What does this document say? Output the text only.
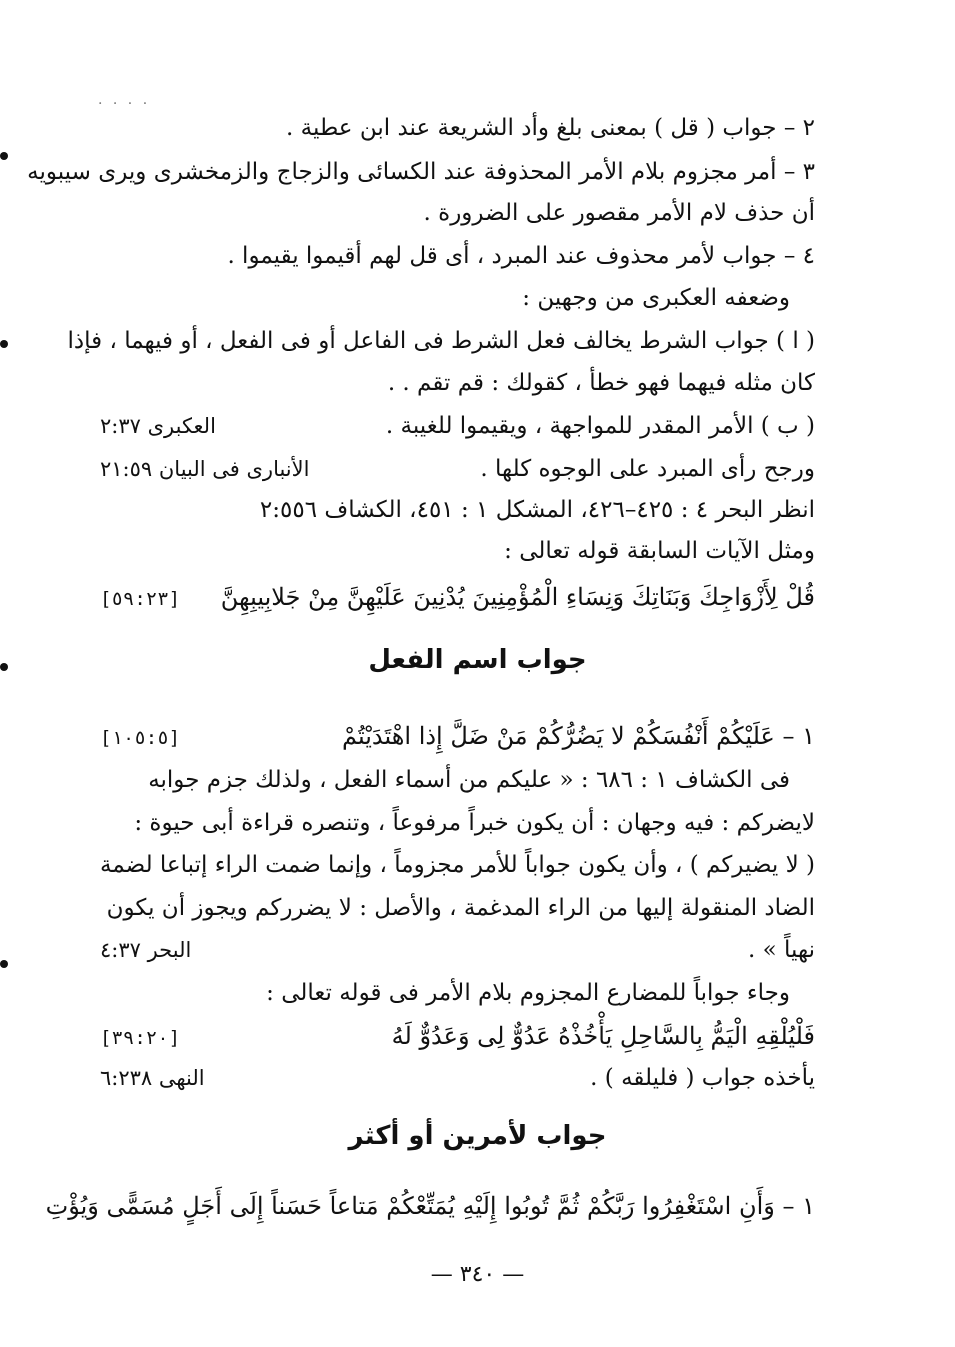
· · · ·
٢ – جواب ( قل ) بمعنى بلغ وأد الشريعة عند ابن عطية .
٣ – أمر مجزوم بلام الأمر المحذوفة عند الكسائى والزجاج والزمخشرى ويرى سيبويه
أن حذف لام الأمر مقصور على الضرورة .
٤ – جواب لأمر محذوف عند المبرد ، أى قل لهم أقيموا يقيموا .
وضعفه العكبرى من وجهين :
( ا ) جواب الشرط يخالف فعل الشرط فى الفاعل أو فى الفعل ، أو فيهما ، فإذا
كان مثله فيهما فهو خطأ ، كقولك : قم تقم . .
( ب ) الأمر المقدر للمواجهة ، ويقيموا للغيبة .
العكبرى ٢:٣٧
ورجح رأى المبرد على الوجوه كلها .
الأنبارى فى البيان ٢١:٥٩
انظر البحر ٤ : ٤٢٥–٤٢٦، المشكل ١ : ٤٥١، الكشاف ٢:٥٥٦
ومثل الآيات السابقة قوله تعالى :
قُلْ لِأَزْوَاجِكَ وَبَنَاتِكَ وَنِسَاءِ الْمُؤْمِنِينَ يُدْنِينَ عَلَيْهِنَّ مِنْ جَلابِيبِهِنَّ
[٥٩:٢٣]
جواب اسم الفعل
١ – عَلَيْكُمْ أَنْفُسَكُمْ لا يَضُرُّكُمْ مَنْ ضَلَّ إِذا اهْتَدَيْتُمْ
[١٠٥:٥]
فى الكشاف ١ : ٦٨٦ : « عليكم من أسماء الفعل ، ولذلك جزم جوابه
لايضركم : فيه وجهان : أن يكون خبراً مرفوعاً ، وتنصره قراءة أبى حيوة :
( لا يضيركم ) ، وأن يكون جواباً للأمر مجزوماً ، وإنما ضمت الراء إتباعا لضمة
الضاد المنقولة إليها من الراء المدغمة ، والأصل : لا يضرركم ويجوز أن يكون
نهياً » .
البحر ٤:٣٧
وجاء جواباً للمضارع المجزوم بلام الأمر فى قوله تعالى :
فَلْيُلْقِهِ الْيَمُّ بِالسَّاحِلِ يَأْخُذْهُ عَدُوٌّ لِى وَعَدُوٌّ لَهُ
[٣٩:٢٠]
يأخذه جواب ( فليلقه ) .
النهى ٦:٢٣٨
جواب لأمرين أو أكثر
١ – وَأَنِ اسْتَغْفِرُوا رَبَّكُمْ ثُمَّ تُوبُوا إِلَيْهِ يُمَتِّعْكُمْ مَتاعاً حَسَناً إِلَى أَجَلٍ مُسَمًّى وَيُؤْتِ
— ٣٤٠ —
